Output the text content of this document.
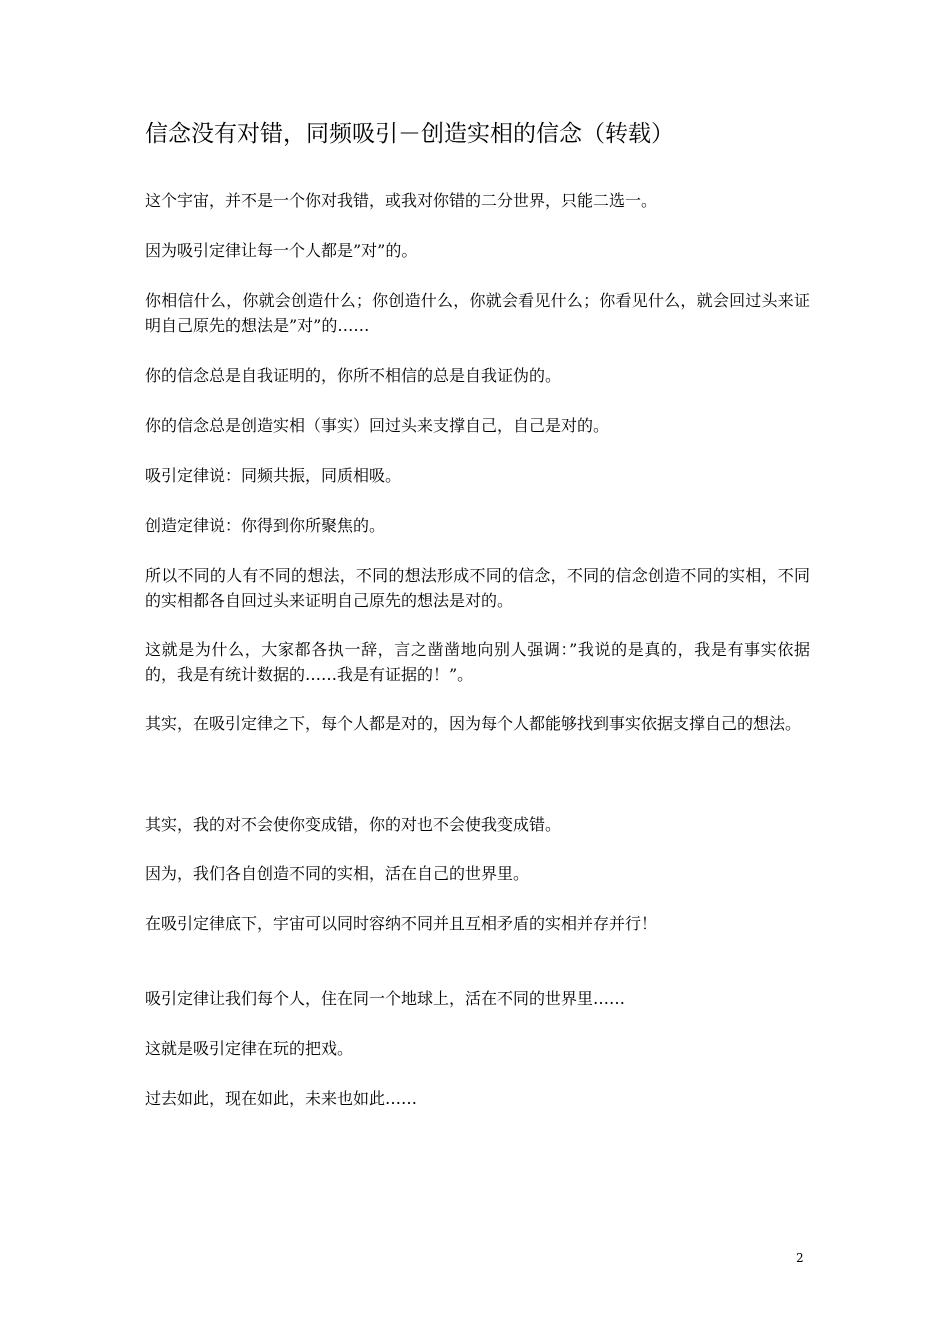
信念没有对错，同频吸引－创造实相的信念（转载）

这个宇宙，并不是一个你对我错，或我对你错的二分世界，只能二选一。

因为吸引定律让每一个人都是”对”的。

你相信什么，你就会创造什么；你创造什么，你就会看见什么；你看见什么，就会回过头来证明自己原先的想法是”对”的……

你的信念总是自我证明的，你所不相信的总是自我证伪的。

你的信念总是创造实相（事实）回过头来支撑自己，自己是对的。

吸引定律说：同频共振，同质相吸。

创造定律说：你得到你所聚焦的。

所以不同的人有不同的想法，不同的想法形成不同的信念，不同的信念创造不同的实相，不同的实相都各自回过头来证明自己原先的想法是对的。

这就是为什么，大家都各执一辞，言之凿凿地向别人强调：”我说的是真的，我是有事实依据的，我是有统计数据的……我是有证据的！”。

其实，在吸引定律之下，每个人都是对的，因为每个人都能够找到事实依据支撑自己的想法。

其实，我的对不会使你变成错，你的对也不会使我变成错。

因为，我们各自创造不同的实相，活在自己的世界里。

在吸引定律底下，宇宙可以同时容纳不同并且互相矛盾的实相并存并行！

吸引定律让我们每个人，住在同一个地球上，活在不同的世界里……

这就是吸引定律在玩的把戏。

过去如此，现在如此，未来也如此……

2
